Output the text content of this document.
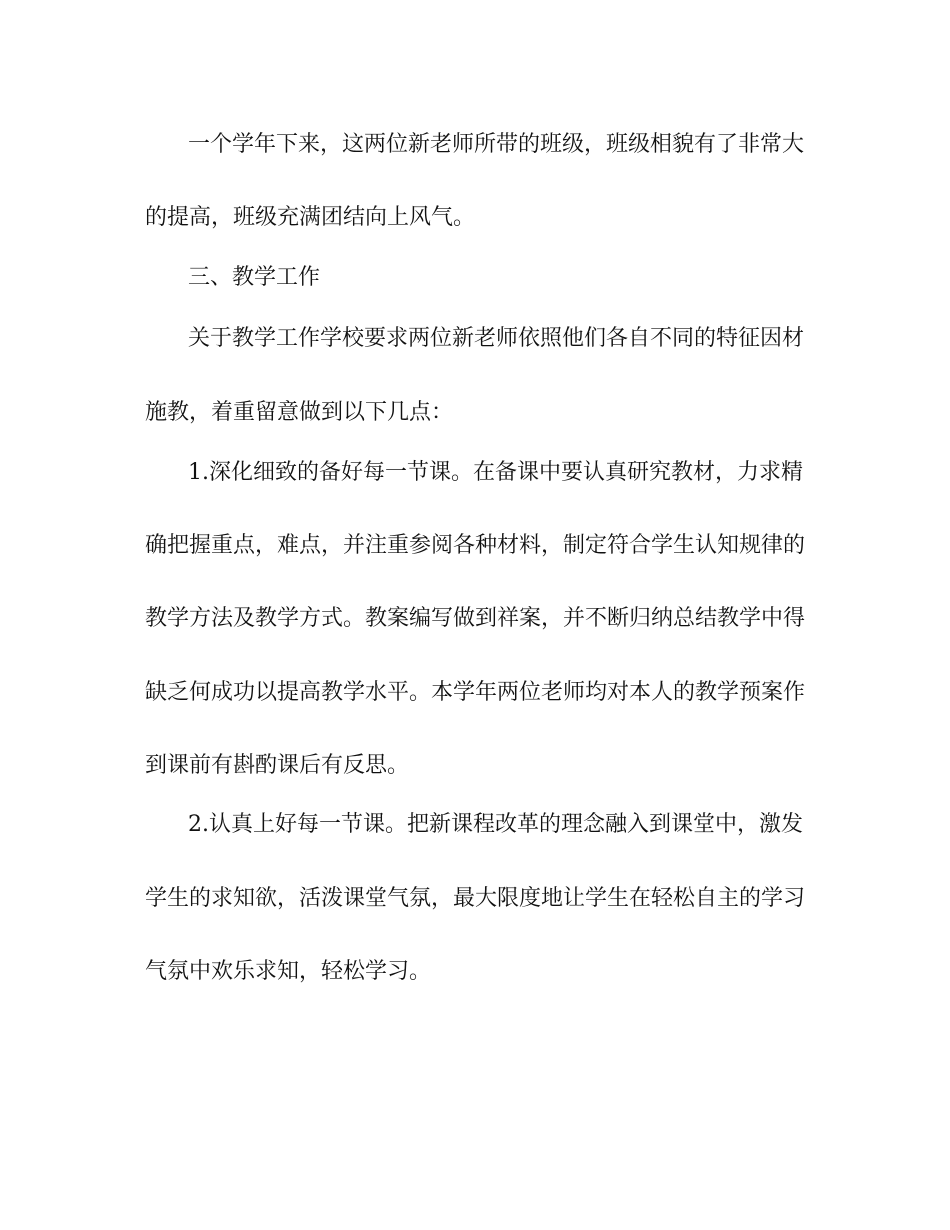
一个学年下来，这两位新老师所带的班级，班级相貌有了非常大
的提高，班级充满团结向上风气。
三、教学工作
关于教学工作学校要求两位新老师依照他们各自不同的特征因材
施教，着重留意做到以下几点：
1.深化细致的备好每一节课。在备课中要认真研究教材，力求精
确把握重点，难点，并注重参阅各种材料，制定符合学生认知规律的
教学方法及教学方式。教案编写做到祥案，并不断归纳总结教学中得
缺乏何成功以提高教学水平。本学年两位老师均对本人的教学预案作
到课前有斟酌课后有反思。
2.认真上好每一节课。把新课程改革的理念融入到课堂中，激发
学生的求知欲，活泼课堂气氛，最大限度地让学生在轻松自主的学习
气氛中欢乐求知，轻松学习。
